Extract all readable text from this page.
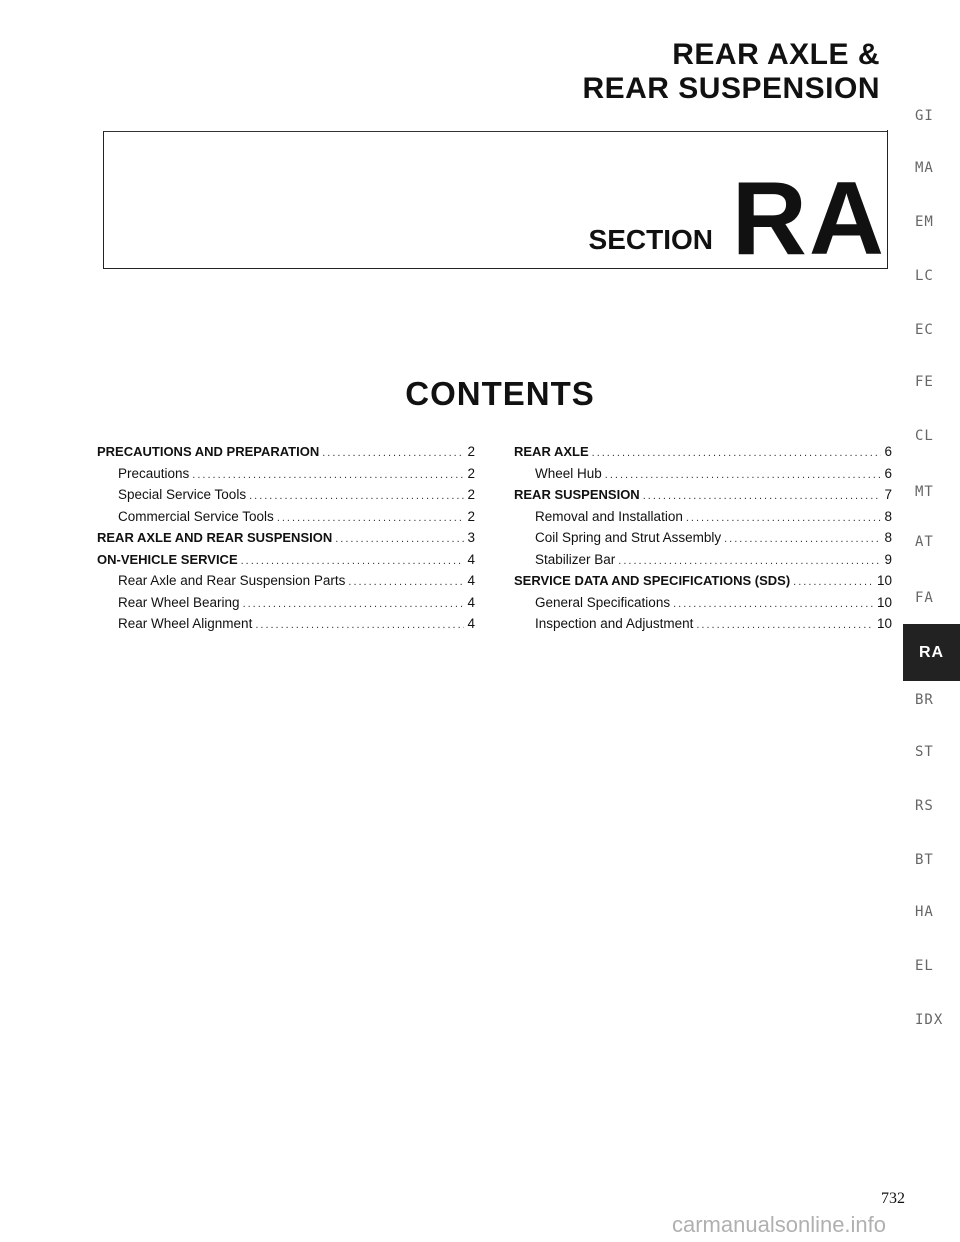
REAR AXLE &
REAR SUSPENSION
SECTION RA
CONTENTS
PRECAUTIONS AND PREPARATION .....	2
Precautions .....	2
Special Service Tools .....	2
Commercial Service Tools .....	2
REAR AXLE AND REAR SUSPENSION .....	3
ON-VEHICLE SERVICE .....	4
Rear Axle and Rear Suspension Parts .....	4
Rear Wheel Bearing .....	4
Rear Wheel Alignment .....	4
REAR AXLE .....	6
Wheel Hub .....	6
REAR SUSPENSION .....	7
Removal and Installation .....	8
Coil Spring and Strut Assembly .....	8
Stabilizer Bar .....	9
SERVICE DATA AND SPECIFICATIONS (SDS) .....	10
General Specifications .....	10
Inspection and Adjustment .....	10
GI
MA
EM
LC
EC
FE
CL
MT
AT
FA
RA
BR
ST
RS
BT
HA
EL
IDX
732
carmanualsonline.info
